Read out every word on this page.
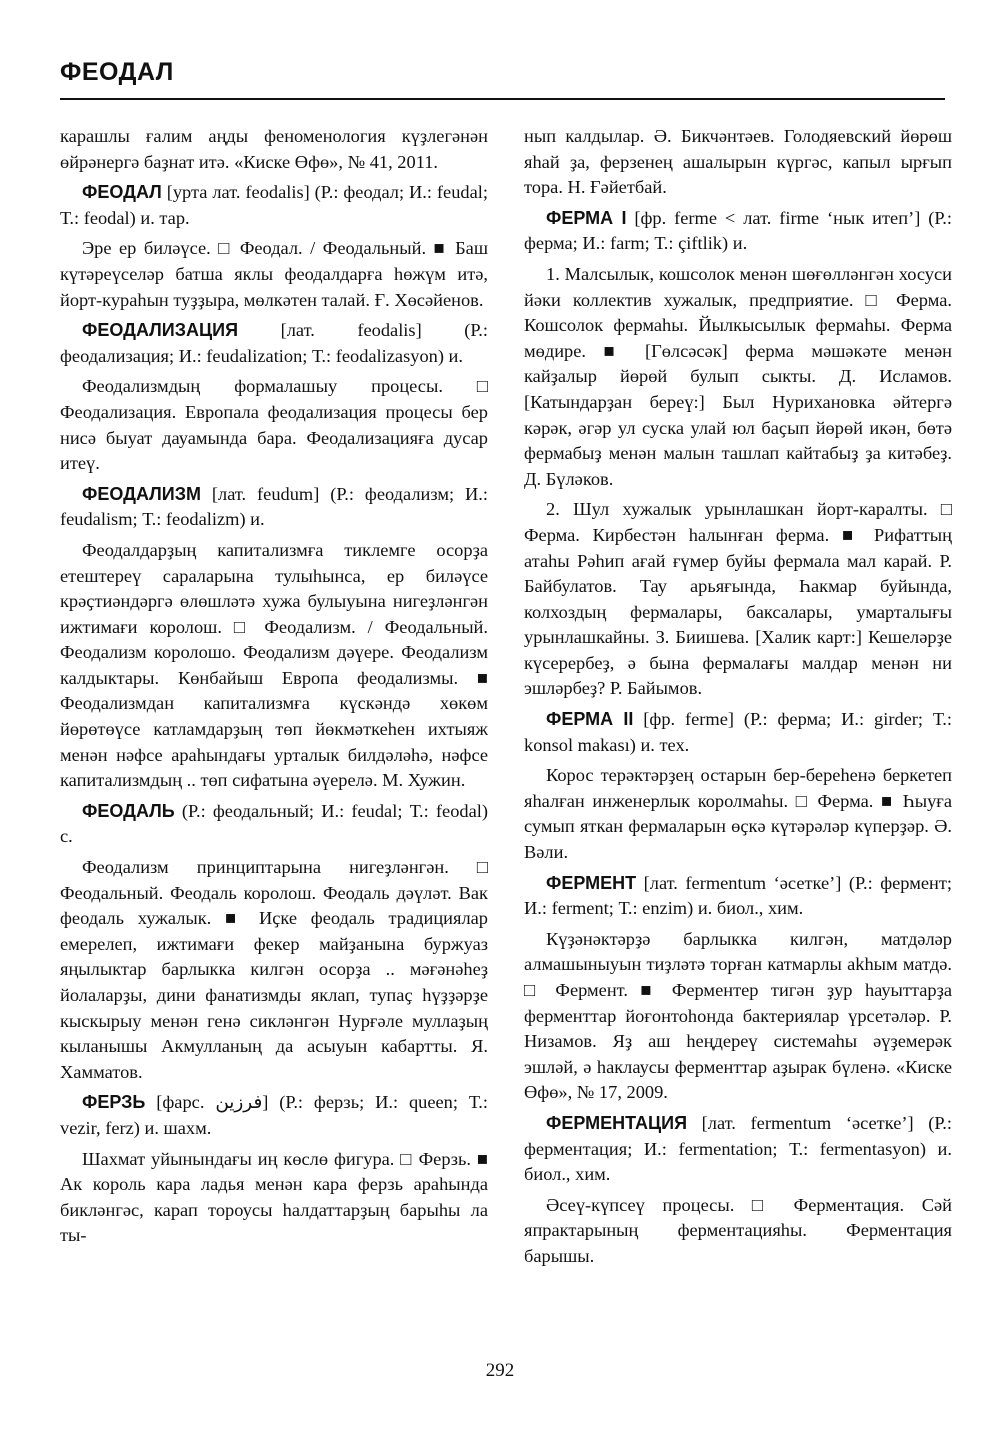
ФЕОДАЛ

карашлы ғалим аңды феноменология күҙлегәнән өйрәнергә баҙнат итә. «Киске Өфө», № 41, 2011.

ФЕОДАЛ [урта лат. feodalis] (Р.: феодал; И.: feudal; Т.: feodal) и. тар.

Эре ер биләүсе. □ Феодал. / Феодальный. ■ Баш күтәреүселәр батша яклы феодалдарға һөжүм итә, йорт-кураһын туҙҙыра, мөлкәтен талай. Ғ. Хөсәйенов.

ФЕОДАЛИЗАЦИЯ [лат. feodalis] (Р.: феодализация; И.: feudalization; Т.: feodalizasyon) и.

Феодализмдың формалашыу процесы. □ Феодализация. Европала феодализация процесы бер нисә быуат дауамында бара. Феодализацияға дусар итеү.

ФЕОДАЛИЗМ [лат. feudum] (Р.: феодализм; И.: feudalism; Т.: feodalizm) и.

Феодалдарҙың капитализмға тиклемге осорҙа етештереү сараларына тулыһынса, ер биләүсе крәҫтиәндәргә өлөшләтә хужа булыуына нигеҙләнгән ижтимағи королош. □ Феодализм. / Феодальный. Феодализм королошо. Феодализм дәүере. Феодализм калдыктары. Көнбайыш Европа феодализмы. ■ Феодализмдан капитализмға күскәндә хөкөм йөрөтөүсе катламдарҙың төп йөкмәткеһен ихтыяж менән нәфсе араһындағы урталык билдәләһә, нәфсе капитализмдың .. төп сифатына әүерелә. М. Хужин.

ФЕОДАЛЬ (Р.: феодальный; И.: feudal; Т.: feodal) с.

Феодализм принциптарына нигеҙләнгән. □ Феодальный. Феодаль королош. Феодаль дәүләт. Вак феодаль хужалык. ■ Иҫке феодаль традициялар емерелеп, ижтимағи фекер майҙанына буржуаз яңылыктар барлыкка килгән осорҙа .. мәғәнәһеҙ йолаларҙы, дини фанатизмды яклап, тупаҫ һүҙҙәрҙе кыскырыу менән генә сикләнгән Нурғәле муллаҙың кыланышы Акмулланың да асыуын кабартты. Я. Хамматов.

ФЕРЗЬ [фарс. فرزين] (Р.: ферзь; И.: queen; Т.: vezir, ferz) и. шахм.

Шахмат уйынындағы иң көслө фигура. □ Ферзь. ■ Ак король кара ладья менән кара ферзь араһында бикләнгәс, карап тороусы һалдаттарҙың барыһы ла ты-

нып калдылар. Ә. Бикчәнтәев. Голодяевский йөрөш яһай ҙа, ферзенең ашалырын күргәс, капыл ырғып тора. Н. Ғәйетбай.

ФЕРМА I [фр. ferme < лат. firme ‘нык итеп’] (Р.: ферма; И.: farm; Т.: çiftlik) и.

1. Малсылык, кошсолок менән шөғөлләнгән хосуси йәки коллектив хужалык, предприятие. □ Ферма. Кошсолок фермаһы. Йылкысылык фермаһы. Ферма мөдире. ■ [Гөлсәсәк] ферма мәшәкәте менән кайҙалыр йөрөй булып сыкты. Д. Исламов. [Катындарҙан береү:] Был Нурихановка әйтергә кәрәк, әгәр ул суска улай юл баҫып йөрөй икән, бөтә фермабыҙ менән малын ташлап кайтабыҙ ҙа китәбеҙ. Д. Бүләков.

2. Шул хужалык урынлашкан йорт-каралты. □ Ферма. Кирбестән һалынған ферма. ■ Рифаттың атаһы Рәһип ағай ғүмер буйы фермала мал карай. Р. Байбулатов. Тау арьяғында, Һакмар буйында, колхоздың фермалары, баксалары, умарталығы урынлашкайны. З. Биишева. [Халик карт:] Кешеләрҙе күсерербеҙ, ә бына фермалағы малдар менән ни эшләрбеҙ? Р. Байымов.

ФЕРМА II [фр. ferme] (Р.: ферма; И.: girder; Т.: konsol makası) и. тех.

Корос терәктәрҙең остарын бер-береһенә беркетеп яһалған инженерлык королмаһы. □ Ферма. ■ Һыуға сумып яткан фермаларын өҫкә күтәрәләр күперҙәр. Ә. Вәли.

ФЕРМЕНТ [лат. fermentum ‘әсетке’] (Р.: фермент; И.: ferment; Т.: enzim) и. биол., хим.

Күҙәнәктәрҙә барлыкка килгән, матдәләр алмашыныуын тиҙләтә торған катмарлы аkһым матдә. □ Фермент. ■ Ферментер тигән ҙур һауыттарҙа ферменттар йоғонтоһонда бактериялар үрсетәләр. Р. Низамов. Яҙ аш һеңдереү системаһы әүҙемерәк эшләй, ә һаклаусы ферменттар аҙырак бүленә. «Киске Өфө», № 17, 2009.

ФЕРМЕНТАЦИЯ [лат. fermentum ‘әсетке’] (Р.: ферментация; И.: fermentation; Т.: fermentasyon) и. биол., хим.

Әсеү-күпсеү процесы. □ Ферментация. Сәй япрактарының ферментацияһы. Ферментация барышы.

292
